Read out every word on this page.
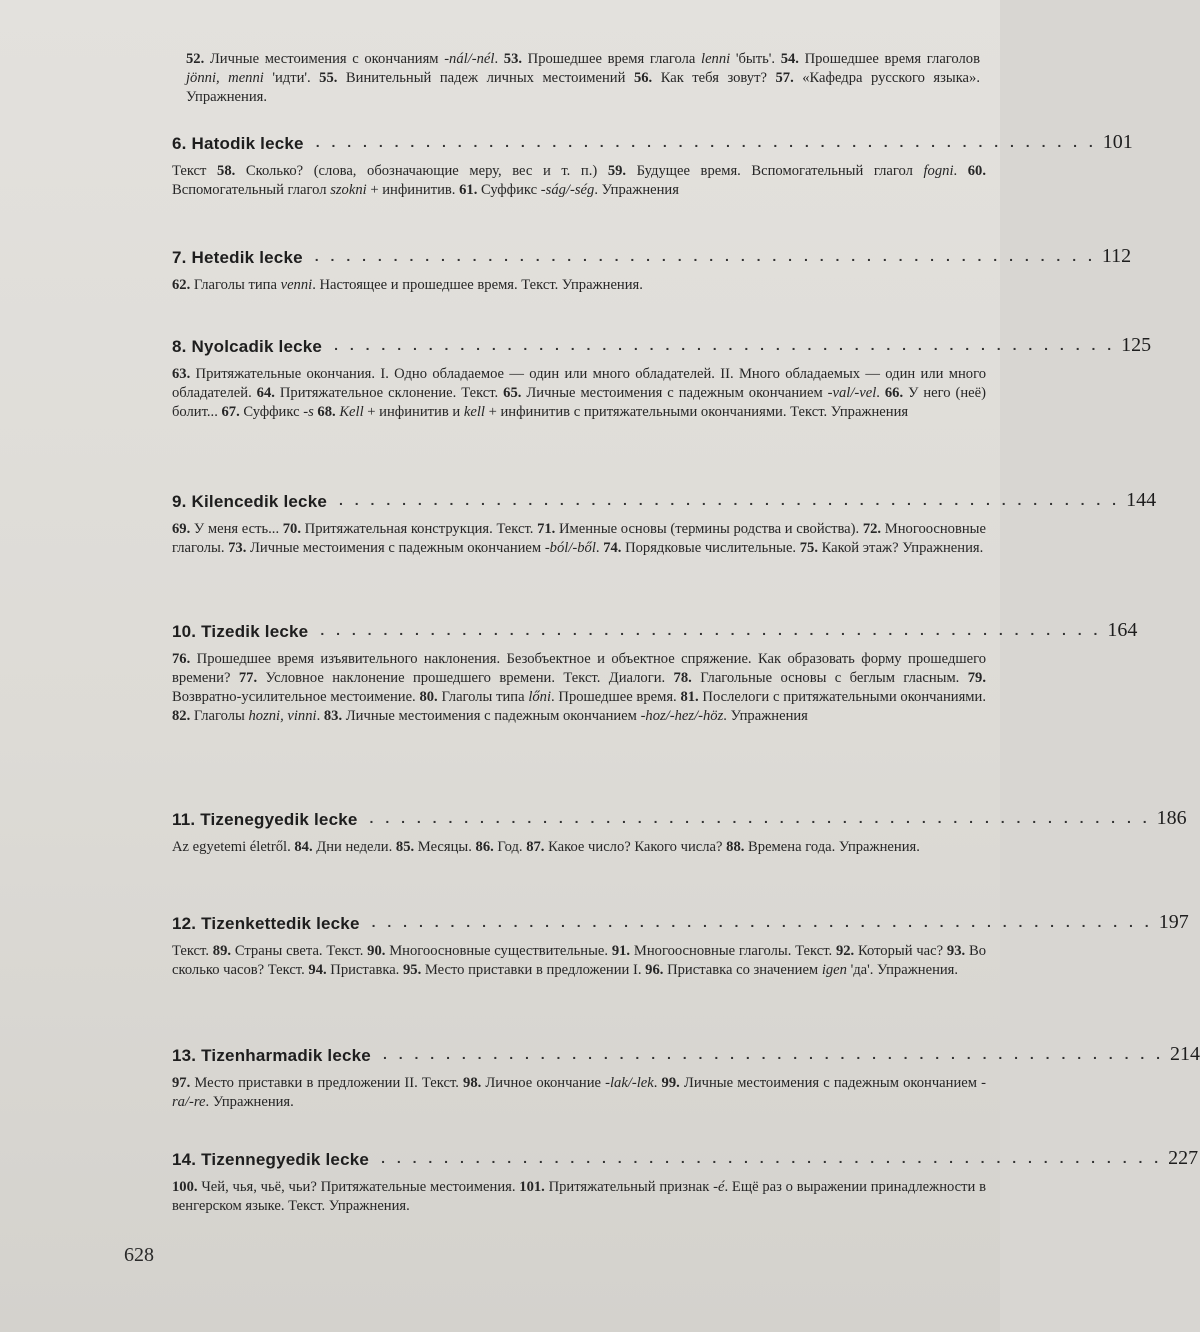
52. Личные местоимения с окончаниям -nál/-nél. 53. Прошедшее время глагола lenni 'быть'. 54. Прошедшее время глаголов jönni, menni 'идти'. 55. Винительный падеж личных местоимений 56. Как тебя зовут? 57. «Кафедра русского языка». Упражнения.
6. Hatodik lecke . . . . . . . . . . . . . . . . . . . . . . . . . . . . . . . . . . . . . . . . . . . . . . . . . . 101
Текст 58. Сколько? (слова, обозначающие меру, вес и т. п.) 59. Будущее время. Вспомогательный глагол fogni. 60. Вспомогательный глагол szokni + инфинитив. 61. Суффикс -ság/-ség. Упражнения
7. Hetedik lecke . . . . . . . . . . . . . . . . . . . . . . . . . . . . . . . . . . . . . . . . . . . . . . . . . . 112
62. Глаголы типа venni. Настоящее и прошедшее время. Текст. Упражнения.
8. Nyolcadik lecke . . . . . . . . . . . . . . . . . . . . . . . . . . . . . . . . . . . . . . . . . . . . . . . . . . 125
63. Притяжательные окончания. I. Одно обладаемое — один или много обладателей. II. Много обладаемых — один или много обладателей. 64. Притяжательное склонение. Текст. 65. Личные местоимения с падежным окончанием -val/-vel. 66. У него (неё) болит... 67. Суффикс -s 68. Kell + инфинитив и kell + инфинитив с притяжательными окончаниями. Текст. Упражнения
9. Kilencedik lecke . . . . . . . . . . . . . . . . . . . . . . . . . . . . . . . . . . . . . . . . . . . . . . . . . . 144
69. У меня есть... 70. Притяжательная конструкция. Текст. 71. Именные основы (термины родства и свойства). 72. Многоосновные глаголы. 73. Личные местоимения с падежным окончанием -ból/-ből. 74. Порядковые числительные. 75. Какой этаж? Упражнения.
10. Tizedik lecke . . . . . . . . . . . . . . . . . . . . . . . . . . . . . . . . . . . . . . . . . . . . . . . . . . 164
76. Прошедшее время изъявительного наклонения. Безобъектное и объектное спряжение. Как образовать форму прошедшего времени? 77. Условное наклонение прошедшего времени. Текст. Диалоги. 78. Глагольные основы с беглым гласным. 79. Возвратно-усилительное местоимение. 80. Глаголы типа lőni. Прошедшее время. 81. Послелоги с притяжательными окончаниями. 82. Глаголы hozni, vinni. 83. Личные местоимения с падежным окончанием -hoz/-hez/-höz. Упражнения
11. Tizenegyedik lecke . . . . . . . . . . . . . . . . . . . . . . . . . . . . . . . . . . . . . . . . . . . . . . . . . . 186
Az egyetemi életről. 84. Дни недели. 85. Месяцы. 86. Год. 87. Какое число? Какого числа? 88. Времена года. Упражнения.
12. Tizenkettedik lecke . . . . . . . . . . . . . . . . . . . . . . . . . . . . . . . . . . . . . . . . . . . . . . . . . . 197
Текст. 89. Страны света. Текст. 90. Многоосновные существительные. 91. Многоосновные глаголы. Текст. 92. Который час? 93. Во сколько часов? Текст. 94. Приставка. 95. Место приставки в предложении I. 96. Приставка со значением igen 'да'. Упражнения.
13. Tizenharmadik lecke . . . . . . . . . . . . . . . . . . . . . . . . . . . . . . . . . . . . . . . . . . . . . . . . . . 214
97. Место приставки в предложении II. Текст. 98. Личное окончание -lak/-lek. 99. Личные местоимения с падежным окончанием -ra/-re. Упражнения.
14. Tizennegyedik lecke . . . . . . . . . . . . . . . . . . . . . . . . . . . . . . . . . . . . . . . . . . . . . . . . . . 227
100. Чей, чья, чьё, чьи? Притяжательные местоимения. 101. Притяжательный признак -é. Ещё раз о выражении принадлежности в венгерском языке. Текст. Упражнения.
628
